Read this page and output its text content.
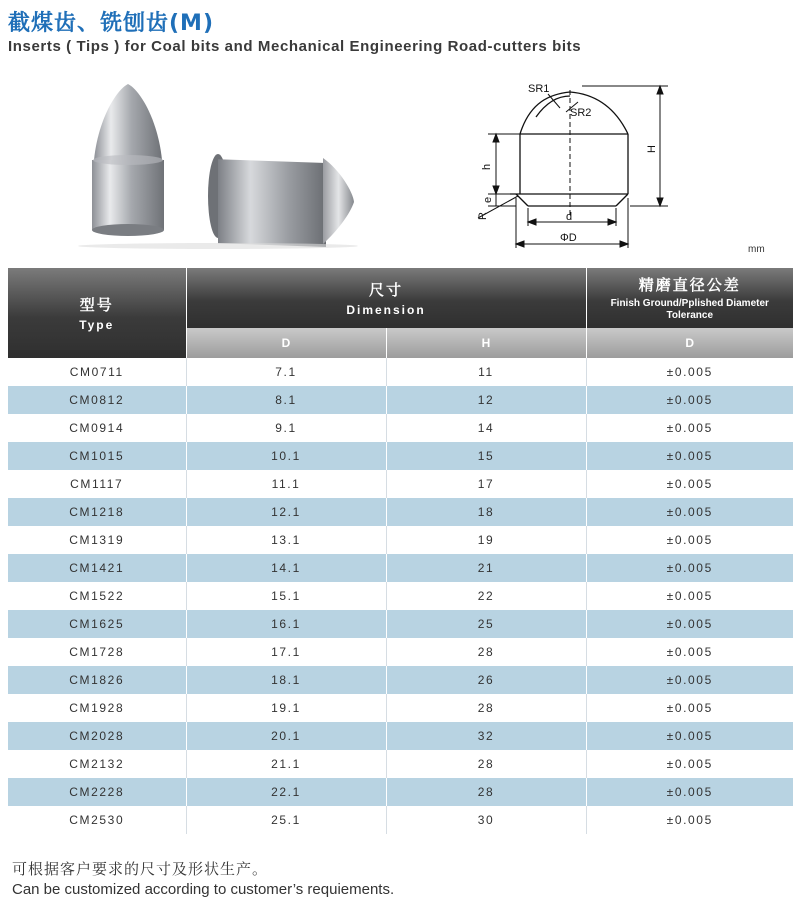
截煤齿、铣刨齿(M)
Inserts ( Tips ) for Coal bits and Mechanical Engineering Road-cutters bits
SR1
SR2
H
h
e
R	d
ΦD
mm
型号
Type	尺寸
Dimension		精磨直径公差
Finish Ground/Pplished Diameter Tolerance

	D	H	D
CM0711	7.1	11	±0.005
CM0812	8.1	12	±0.005
CM0914	9.1	14	±0.005
CM1015	10.1	15	±0.005
CM1117	11.1	17	±0.005
CM1218	12.1	18	±0.005
CM1319	13.1	19	±0.005
CM1421	14.1	21	±0.005
CM1522	15.1	22	±0.005
CM1625	16.1	25	±0.005
CM1728	17.1	28	±0.005
CM1826	18.1	26	±0.005
CM1928	19.1	28	±0.005
CM2028	20.1	32	±0.005
CM2132	21.1	28	±0.005
CM2228	22.1	28	±0.005
CM2530	25.1	30	±0.005
可根据客户要求的尺寸及形状生产。
Can be customized according to customer’s requiements.
